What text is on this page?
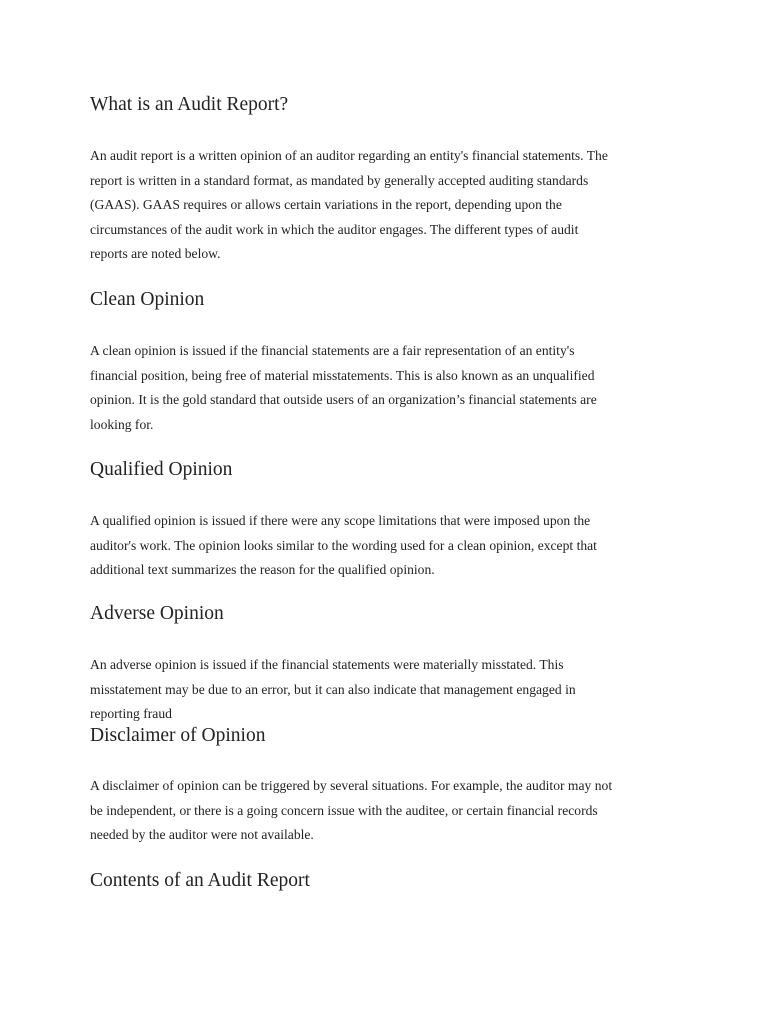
What is an Audit Report?

An audit report is a written opinion of an auditor regarding an entity's financial statements. The
report is written in a standard format, as mandated by generally accepted auditing standards
(GAAS). GAAS requires or allows certain variations in the report, depending upon the
circumstances of the audit work in which the auditor engages. The different types of audit
reports are noted below.

Clean Opinion

A clean opinion is issued if the financial statements are a fair representation of an entity's
financial position, being free of material misstatements. This is also known as an unqualified
opinion. It is the gold standard that outside users of an organization’s financial statements are
looking for.

Qualified Opinion

A qualified opinion is issued if there were any scope limitations that were imposed upon the
auditor's work. The opinion looks similar to the wording used for a clean opinion, except that
additional text summarizes the reason for the qualified opinion.

Adverse Opinion

An adverse opinion is issued if the financial statements were materially misstated. This
misstatement may be due to an error, but it can also indicate that management engaged in
reporting fraud

Disclaimer of Opinion

A disclaimer of opinion can be triggered by several situations. For example, the auditor may not
be independent, or there is a going concern issue with the auditee, or certain financial records
needed by the auditor were not available.

Contents of an Audit Report
